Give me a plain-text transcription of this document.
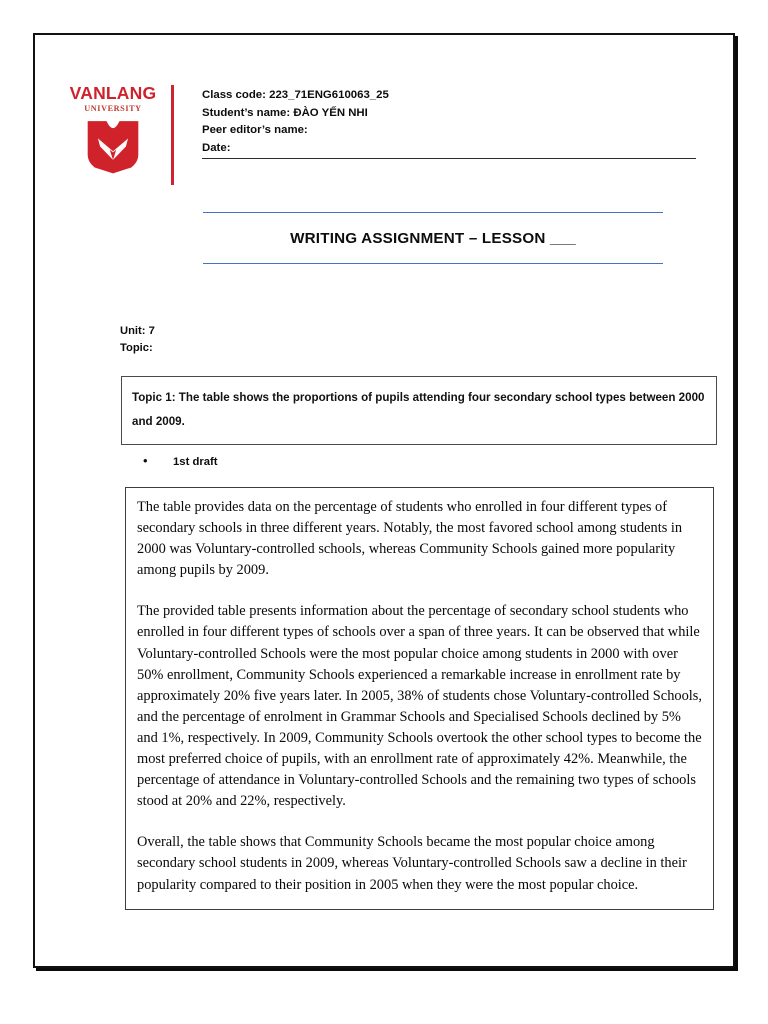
VANLANG
UNIVERSITY
Class code: 223_71ENG610063_25
Student’s name: ĐÀO YẾN NHI
Peer editor’s name:
Date:
WRITING ASSIGNMENT – LESSON ___
Unit: 7
Topic:
Topic 1: The table shows the proportions of pupils attending four secondary school types between 2000 and 2009.
•	1st draft

The table provides data on the percentage of students who enrolled in four different types of secondary schools in three different years. Notably, the most favored school among students in 2000 was Voluntary-controlled schools, whereas Community Schools gained more popularity among pupils by 2009.

The provided table presents information about the percentage of secondary school students who enrolled in four different types of schools over a span of three years. It can be observed that while Voluntary-controlled Schools were the most popular choice among students in 2000 with over 50% enrollment, Community Schools experienced a remarkable increase in enrollment rate by approximately 20% five years later. In 2005, 38% of students chose Voluntary-controlled Schools, and the percentage of enrolment in Grammar Schools and Specialised Schools declined by 5% and 1%, respectively. In 2009, Community Schools overtook the other school types to become the most preferred choice of pupils, with an enrollment rate of approximately 42%. Meanwhile, the percentage of attendance in Voluntary-controlled Schools and the remaining two types of schools stood at 20% and 22%, respectively.

Overall, the table shows that Community Schools became the most popular choice among secondary school students in 2009, whereas Voluntary-controlled Schools saw a decline in their popularity compared to their position in 2005 when they were the most popular choice.
